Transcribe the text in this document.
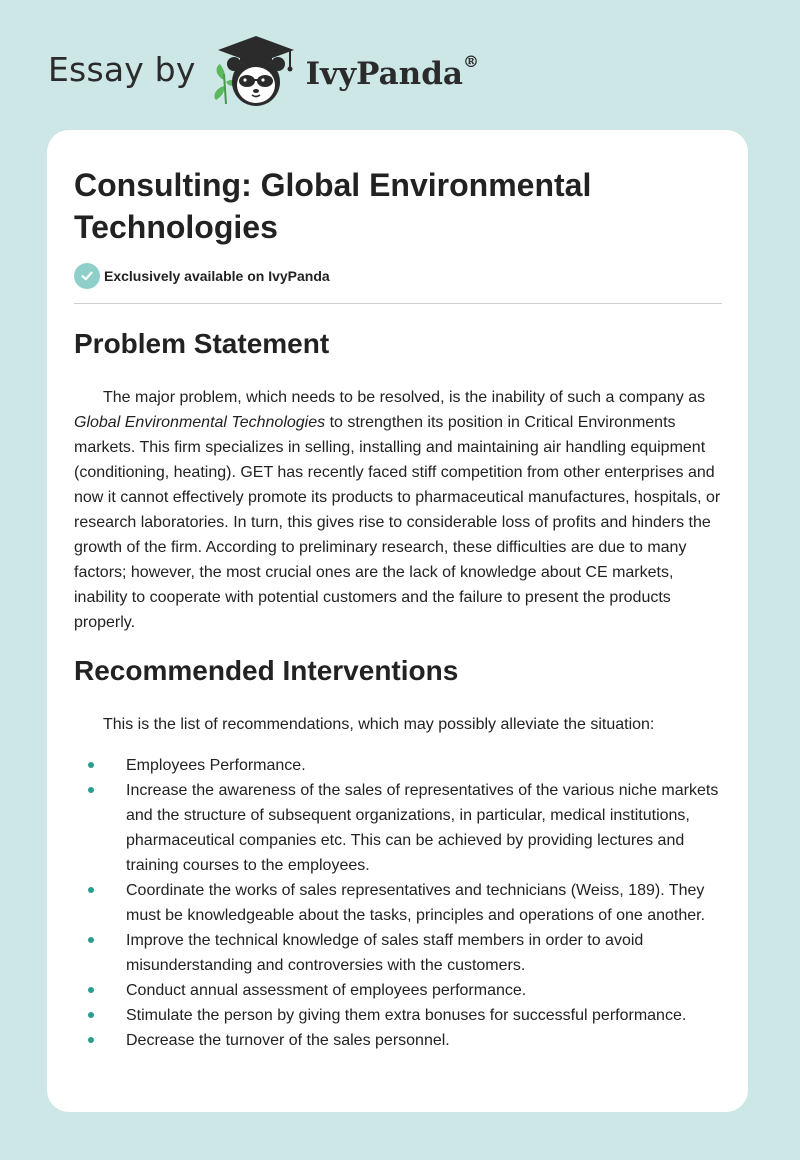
Essay by	IvyPanda®
Consulting: Global Environmental Technologies
Exclusively available on IvyPanda
Problem Statement

The major problem, which needs to be resolved, is the inability of such a company as Global Environmental Technologies to strengthen its position in Critical Environments markets. This firm specializes in selling, installing and maintaining air handling equipment (conditioning, heating). GET has recently faced stiff competition from other enterprises and now it cannot effectively promote its products to pharmaceutical manufactures, hospitals, or research laboratories. In turn, this gives rise to considerable loss of profits and hinders the growth of the firm. According to preliminary research, these difficulties are due to many factors; however, the most crucial ones are the lack of knowledge about CE markets, inability to cooperate with potential customers and the failure to present the products properly.

Recommended Interventions

This is the list of recommendations, which may possibly alleviate the situation:

Employees Performance.
Increase the awareness of the sales of representatives of the various niche markets and the structure of subsequent organizations, in particular, medical institutions, pharmaceutical companies etc. This can be achieved by providing lectures and training courses to the employees.
Coordinate the works of sales representatives and technicians (Weiss, 189). They must be knowledgeable about the tasks, principles and operations of one another.
Improve the technical knowledge of sales staff members in order to avoid misunderstanding and controversies with the customers.
Conduct annual assessment of employees performance.
Stimulate the person by giving them extra bonuses for successful performance.
Decrease the turnover of the sales personnel.
